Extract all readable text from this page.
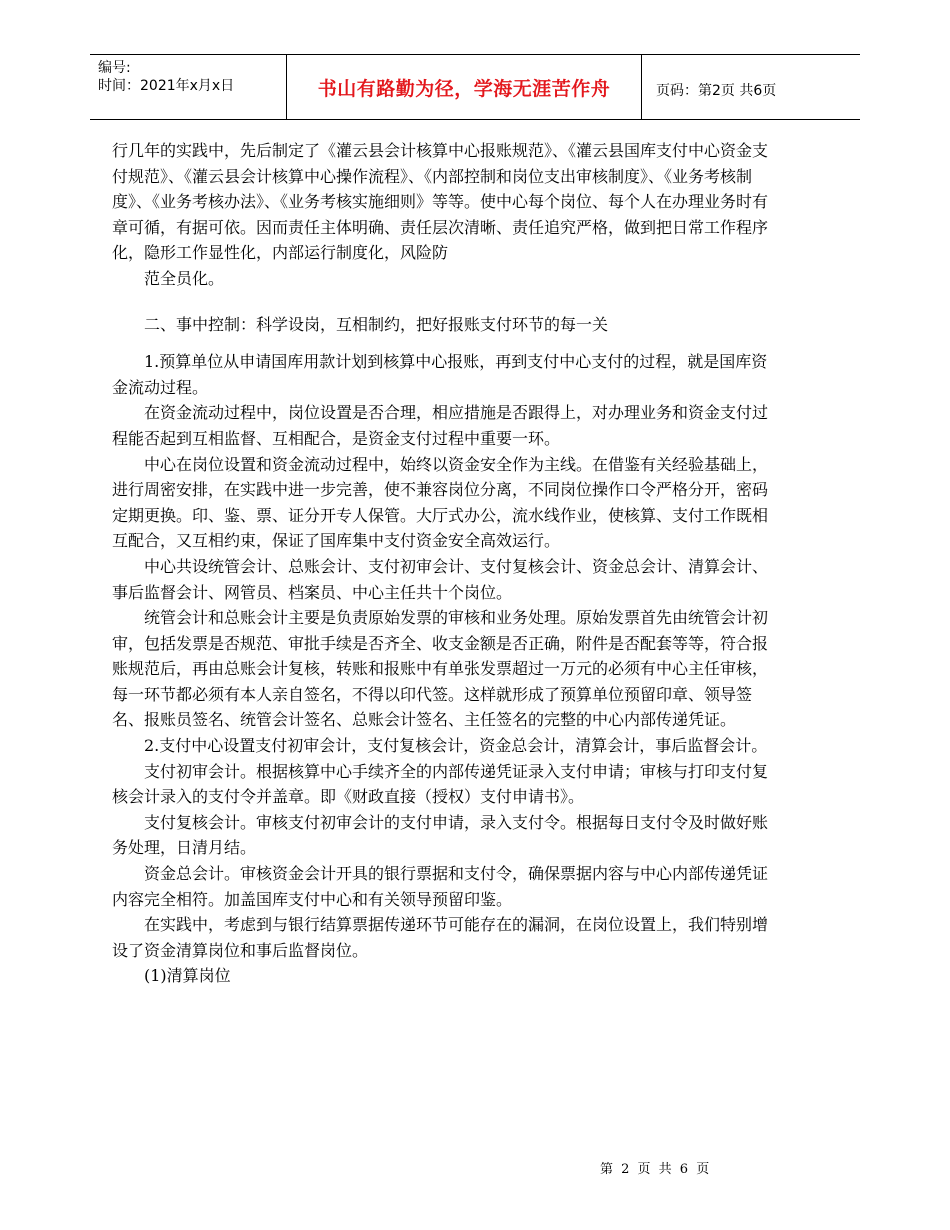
编号:
时间：2021年x月x日	书山有路勤为径，学海无涯苦作舟	页码：第2页 共6页

行几年的实践中，先后制定了《灌云县会计核算中心报账规范》、《灌云县国库支付中心资金支付规范》、《灌云县会计核算中心操作流程》、《内部控制和岗位支出审核制度》、《业务考核制度》、《业务考核办法》、《业务考核实施细则》等等。使中心每个岗位、每个人在办理业务时有章可循，有据可依。因而责任主体明确、责任层次清晰、责任追究严格，做到把日常工作程序化，隐形工作显性化，内部运行制度化，风险防

范全员化。

二、事中控制：科学设岗，互相制约，把好报账支付环节的每一关

1.预算单位从申请国库用款计划到核算中心报账，再到支付中心支付的过程，就是国库资金流动过程。

在资金流动过程中，岗位设置是否合理，相应措施是否跟得上，对办理业务和资金支付过程能否起到互相监督、互相配合，是资金支付过程中重要一环。

中心在岗位设置和资金流动过程中，始终以资金安全作为主线。在借鉴有关经验基础上，进行周密安排，在实践中进一步完善，使不兼容岗位分离，不同岗位操作口令严格分开，密码定期更换。印、鉴、票、证分开专人保管。大厅式办公，流水线作业，使核算、支付工作既相互配合，又互相约束，保证了国库集中支付资金安全高效运行。

中心共设统管会计、总账会计、支付初审会计、支付复核会计、资金总会计、清算会计、事后监督会计、网管员、档案员、中心主任共十个岗位。

统管会计和总账会计主要是负责原始发票的审核和业务处理。原始发票首先由统管会计初审，包括发票是否规范、审批手续是否齐全、收支金额是否正确，附件是否配套等等，符合报账规范后，再由总账会计复核，转账和报账中有单张发票超过一万元的必须有中心主任审核，每一环节都必须有本人亲自签名，不得以印代签。这样就形成了预算单位预留印章、领导签名、报账员签名、统管会计签名、总账会计签名、主任签名的完整的中心内部传递凭证。

2.支付中心设置支付初审会计，支付复核会计，资金总会计，清算会计，事后监督会计。

支付初审会计。根据核算中心手续齐全的内部传递凭证录入支付申请；审核与打印支付复核会计录入的支付令并盖章。即《财政直接（授权）支付申请书》。

支付复核会计。审核支付初审会计的支付申请，录入支付令。根据每日支付令及时做好账务处理，日清月结。

资金总会计。审核资金会计开具的银行票据和支付令，确保票据内容与中心内部传递凭证内容完全相符。加盖国库支付中心和有关领导预留印鉴。

在实践中，考虑到与银行结算票据传递环节可能存在的漏洞，在岗位设置上，我们特别增设了资金清算岗位和事后监督岗位。

(1)清算岗位

第 2 页 共 6 页
